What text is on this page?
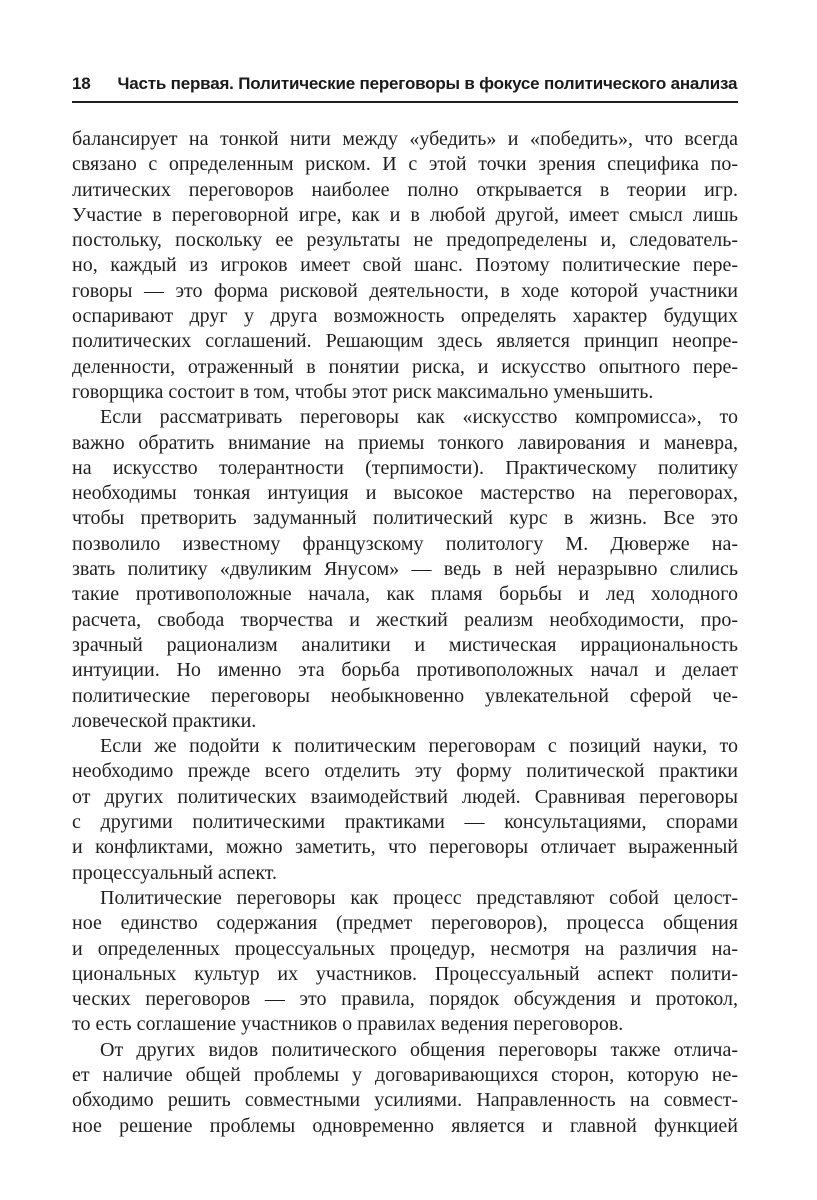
18 Часть первая. Политические переговоры в фокусе политического анализа

балансирует на тонкой нити между «убедить» и «победить», что всегда
связано с определенным риском. И с этой точки зрения специфика по-
литических переговоров наиболее полно открывается в теории игр.
Участие в переговорной игре, как и в любой другой, имеет смысл лишь
постольку, поскольку ее результаты не предопределены и, следователь-
но, каждый из игроков имеет свой шанс. Поэтому политические пере-
говоры — это форма рисковой деятельности, в ходе которой участники
оспаривают друг у друга возможность определять характер будущих
политических соглашений. Решающим здесь является принцип неопре-
деленности, отраженный в понятии риска, и искусство опытного пере-
говорщика состоит в том, чтобы этот риск максимально уменьшить.

Если рассматривать переговоры как «искусство компромисса», то
важно обратить внимание на приемы тонкого лавирования и маневра,
на искусство толерантности (терпимости). Практическому политику
необходимы тонкая интуиция и высокое мастерство на переговорах,
чтобы претворить задуманный политический курс в жизнь. Все это
позволило известному французскому политологу М. Дюверже на-
звать политику «двуликим Янусом» — ведь в ней неразрывно слились
такие противоположные начала, как пламя борьбы и лед холодного
расчета, свобода творчества и жесткий реализм необходимости, про-
зрачный рационализм аналитики и мистическая иррациональность
интуиции. Но именно эта борьба противоположных начал и делает
политические переговоры необыкновенно увлекательной сферой че-
ловеческой практики.

Если же подойти к политическим переговорам с позиций науки, то
необходимо прежде всего отделить эту форму политической практики
от других политических взаимодействий людей. Сравнивая переговоры
с другими политическими практиками — консультациями, спорами
и конфликтами, можно заметить, что переговоры отличает выраженный
процессуальный аспект.

Политические переговоры как процесс представляют собой целост-
ное единство содержания (предмет переговоров), процесса общения
и определенных процессуальных процедур, несмотря на различия на-
циональных культур их участников. Процессуальный аспект полити-
ческих переговоров — это правила, порядок обсуждения и протокол,
то есть соглашение участников о правилах ведения переговоров.

От других видов политического общения переговоры также отлича-
ет наличие общей проблемы у договаривающихся сторон, которую не-
обходимо решить совместными усилиями. Направленность на совмест-
ное решение проблемы одновременно является и главной функцией
